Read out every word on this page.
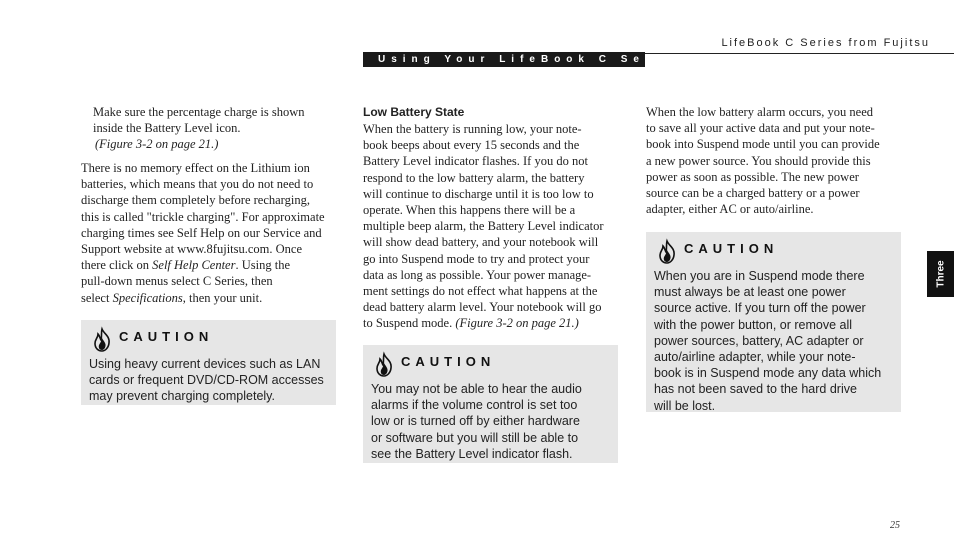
LifeBook C Series from Fujitsu
Using Your LifeBook C Series
Make sure the percentage charge is shown
inside the Battery Level icon.
(Figure 3-2 on page 21.)
There is no memory effect on the Lithium ion
batteries, which means that you do not need to
discharge them completely before recharging,
this is called "trickle charging". For approximate
charging times see Self Help on our Service and
Support website at www.8fujitsu.com. Once
there click on Self Help Center. Using the
pull-down menus select C Series, then
select Specifications, then your unit.
CAUTION
Using heavy current devices such as LAN
cards or frequent DVD/CD-ROM accesses
may prevent charging completely.
Low Battery State
When the battery is running low, your note-
book beeps about every 15 seconds and the
Battery Level indicator flashes. If you do not
respond to the low battery alarm, the battery
will continue to discharge until it is too low to
operate. When this happens there will be a
multiple beep alarm, the Battery Level indicator
will show dead battery, and your notebook will
go into Suspend mode to try and protect your
data as long as possible. Your power manage-
ment settings do not effect what happens at the
dead battery alarm level. Your notebook will go
to Suspend mode. (Figure 3-2 on page 21.)
CAUTION
You may not be able to hear the audio
alarms if the volume control is set too
low or is turned off by either hardware
or software but you will still be able to
see the Battery Level indicator flash.
When the low battery alarm occurs, you need
to save all your active data and put your note-
book into Suspend mode until you can provide
a new power source. You should provide this
power as soon as possible. The new power
source can be a charged battery or a power
adapter, either AC or auto/airline.
CAUTION
When you are in Suspend mode there
must always be at least one power
source active. If you turn off the power
with the power button, or remove all
power sources, battery, AC adapter or
auto/airline adapter, while your note-
book is in Suspend mode any data which
has not been saved to the hard drive
will be lost.
Three
25
